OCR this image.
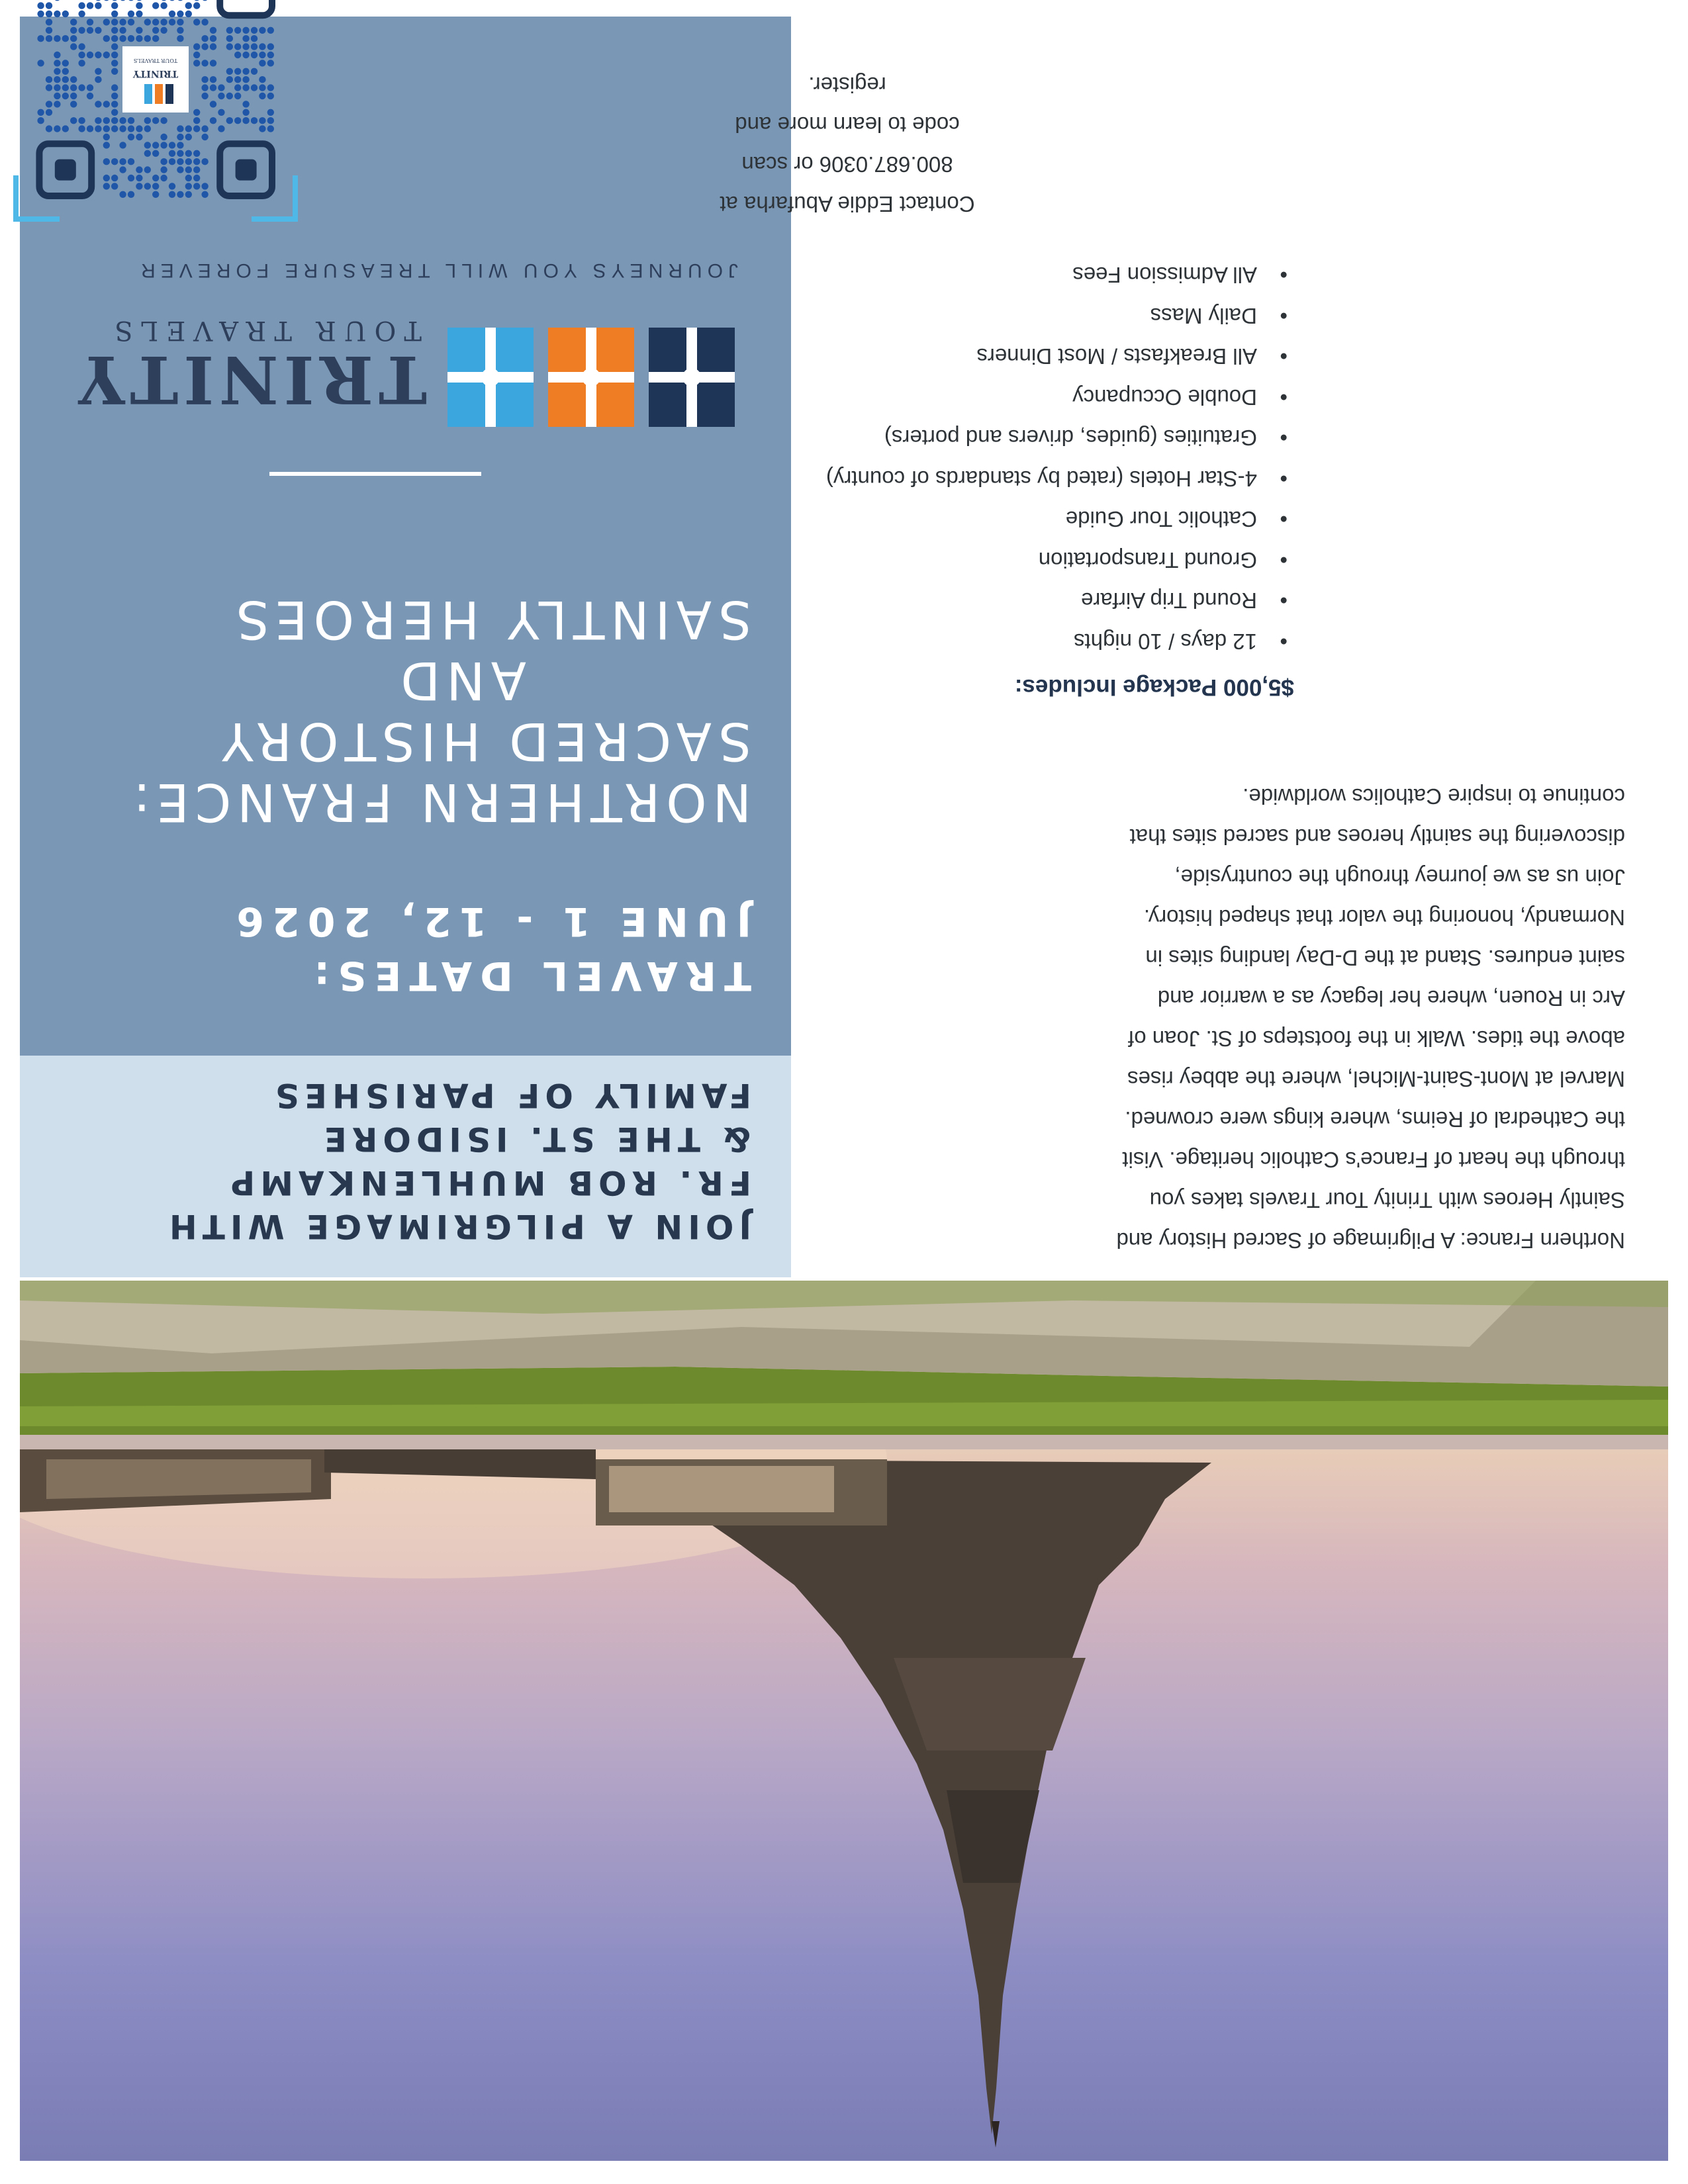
JOIN A PILGRIMAGE WITH
FR. ROB MUHLENKAMP
& THE ST. ISIDORE
FAMILY OF PARISHES
TRAVEL DATES:
JUNE 1 - 12, 2026
NORTHERN FRANCE:
SACRED HISTORY
AND
SAINTLY HEROES
TRINITY
TOUR TRAVELS
JOURNEYS YOU WILL TREASURE FOREVER

Northern France: A Pilgrimage of Sacred History and
Saintly Heroes with Trinity Tour Travels takes you
through the heart of France's Catholic heritage. Visit
the Cathedral of Reims, where kings were crowned.
Marvel at Mont-Saint-Michel, where the abbey rises
above the tides. Walk in the footsteps of St. Joan of
Arc in Rouen, where her legacy as a warrior and
saint endures. Stand at the D-Day landing sites in
Normandy, honoring the valor that shaped history.

Join us as we journey through the countryside,
discovering the saintly heroes and sacred sites that
continue to inspire Catholics worldwide.

$5,000 Package Includes:
•
12 days / 10 nights
•
Round Trip Airfare
•
Ground Transportation
•
Catholic Tour Guide
•
4-Star Hotels (rated by standards of country)
•
Gratuities (guides, drivers and porters)
•
Double Occupancy
•
All Breakfasts / Most Dinners
•
Daily Mass
•
All Admission Fees
Contact Eddie Abufarha at
800.687.0306 or scan
code to learn more and
register.
TRINITY
TOUR TRAVELS
